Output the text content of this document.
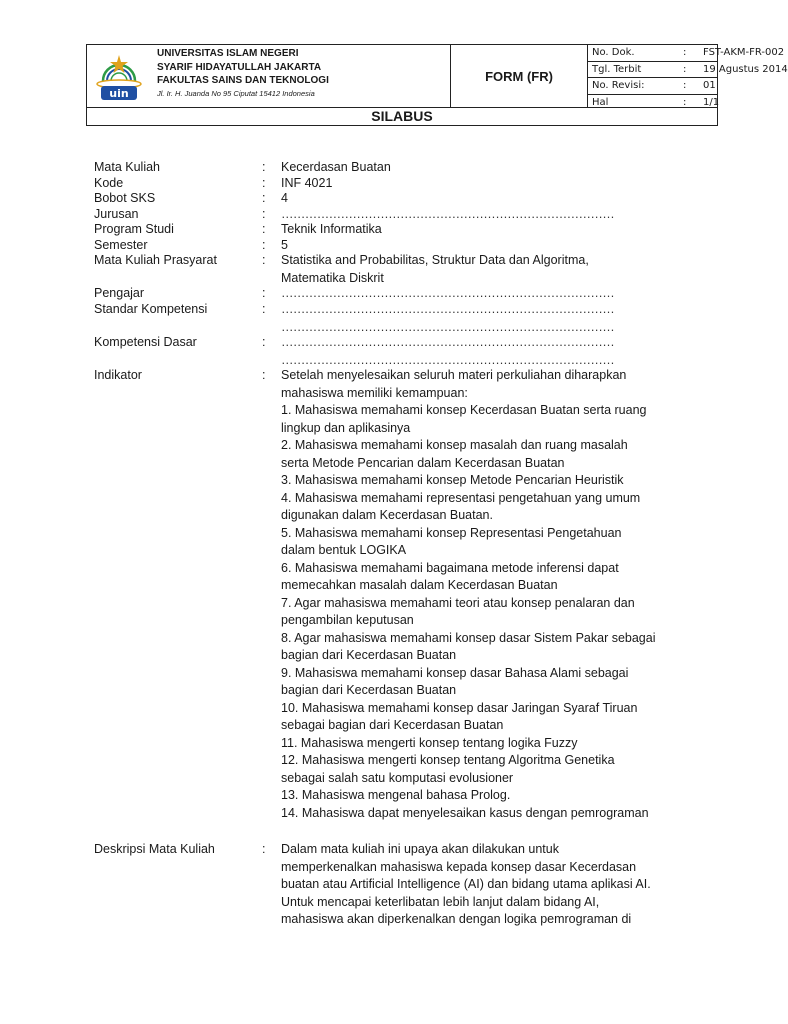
uin
UNIVERSITAS ISLAM NEGERI
SYARIF HIDAYATULLAH JAKARTA
FAKULTAS SAINS DAN TEKNOLOGI
Jl. Ir. H. Juanda No 95 Ciputat 15412 Indonesia
FORM (FR)
No. Dok.	: FST-AKM-FR-002
Tgl. Terbit	: 19 Agustus 2014
No. Revisi:	: 01
Hal	: 1/1
SILABUS
Mata Kuliah	: Kecerdasan Buatan
Kode	: INF 4021
Bobot SKS	: 4
Jurusan	: …………………………………………………………………………
Program Studi	: Teknik Informatika
Semester	: 5
Mata Kuliah Prasyarat	: Statistika and Probabilitas, Struktur Data dan Algoritma,
Matematika Diskrit
Pengajar	: …………………………………………………………………………
Standar Kompetensi	: …………………………………………………………………………
…………………………………………………………………………
Kompetensi Dasar	: …………………………………………………………………………
…………………………………………………………………………
Indikator	: Setelah menyelesaikan seluruh materi perkuliahan diharapkan
mahasiswa memiliki kemampuan:
1. Mahasiswa memahami konsep Kecerdasan Buatan serta ruang
lingkup dan aplikasinya
2. Mahasiswa memahami konsep masalah dan ruang masalah
serta Metode Pencarian dalam Kecerdasan Buatan
3. Mahasiswa memahami konsep Metode Pencarian Heuristik
4. Mahasiswa memahami representasi pengetahuan yang umum
digunakan dalam Kecerdasan Buatan.
5. Mahasiswa memahami konsep Representasi Pengetahuan
dalam bentuk LOGIKA
6. Mahasiswa memahami bagaimana metode inferensi dapat
memecahkan masalah dalam Kecerdasan Buatan
7. Agar mahasiswa memahami teori atau konsep penalaran dan
pengambilan keputusan
8. Agar mahasiswa memahami konsep dasar Sistem Pakar sebagai
bagian dari Kecerdasan Buatan
9. Mahasiswa memahami konsep dasar Bahasa Alami sebagai
bagian dari Kecerdasan Buatan
10. Mahasiswa memahami konsep dasar Jaringan Syaraf Tiruan
sebagai bagian dari Kecerdasan Buatan
11. Mahasiswa mengerti konsep tentang logika Fuzzy
12. Mahasiswa mengerti konsep tentang Algoritma Genetika
sebagai salah satu komputasi evolusioner
13. Mahasiswa mengenal bahasa Prolog.
14. Mahasiswa dapat menyelesaikan kasus dengan pemrograman
Deskripsi Mata Kuliah	: Dalam mata kuliah ini upaya akan dilakukan untuk
memperkenalkan mahasiswa kepada konsep dasar Kecerdasan
buatan atau Artificial Intelligence (AI) dan bidang utama aplikasi AI.
Untuk mencapai keterlibatan lebih lanjut dalam bidang AI,
mahasiswa akan diperkenalkan dengan logika pemrograman di
